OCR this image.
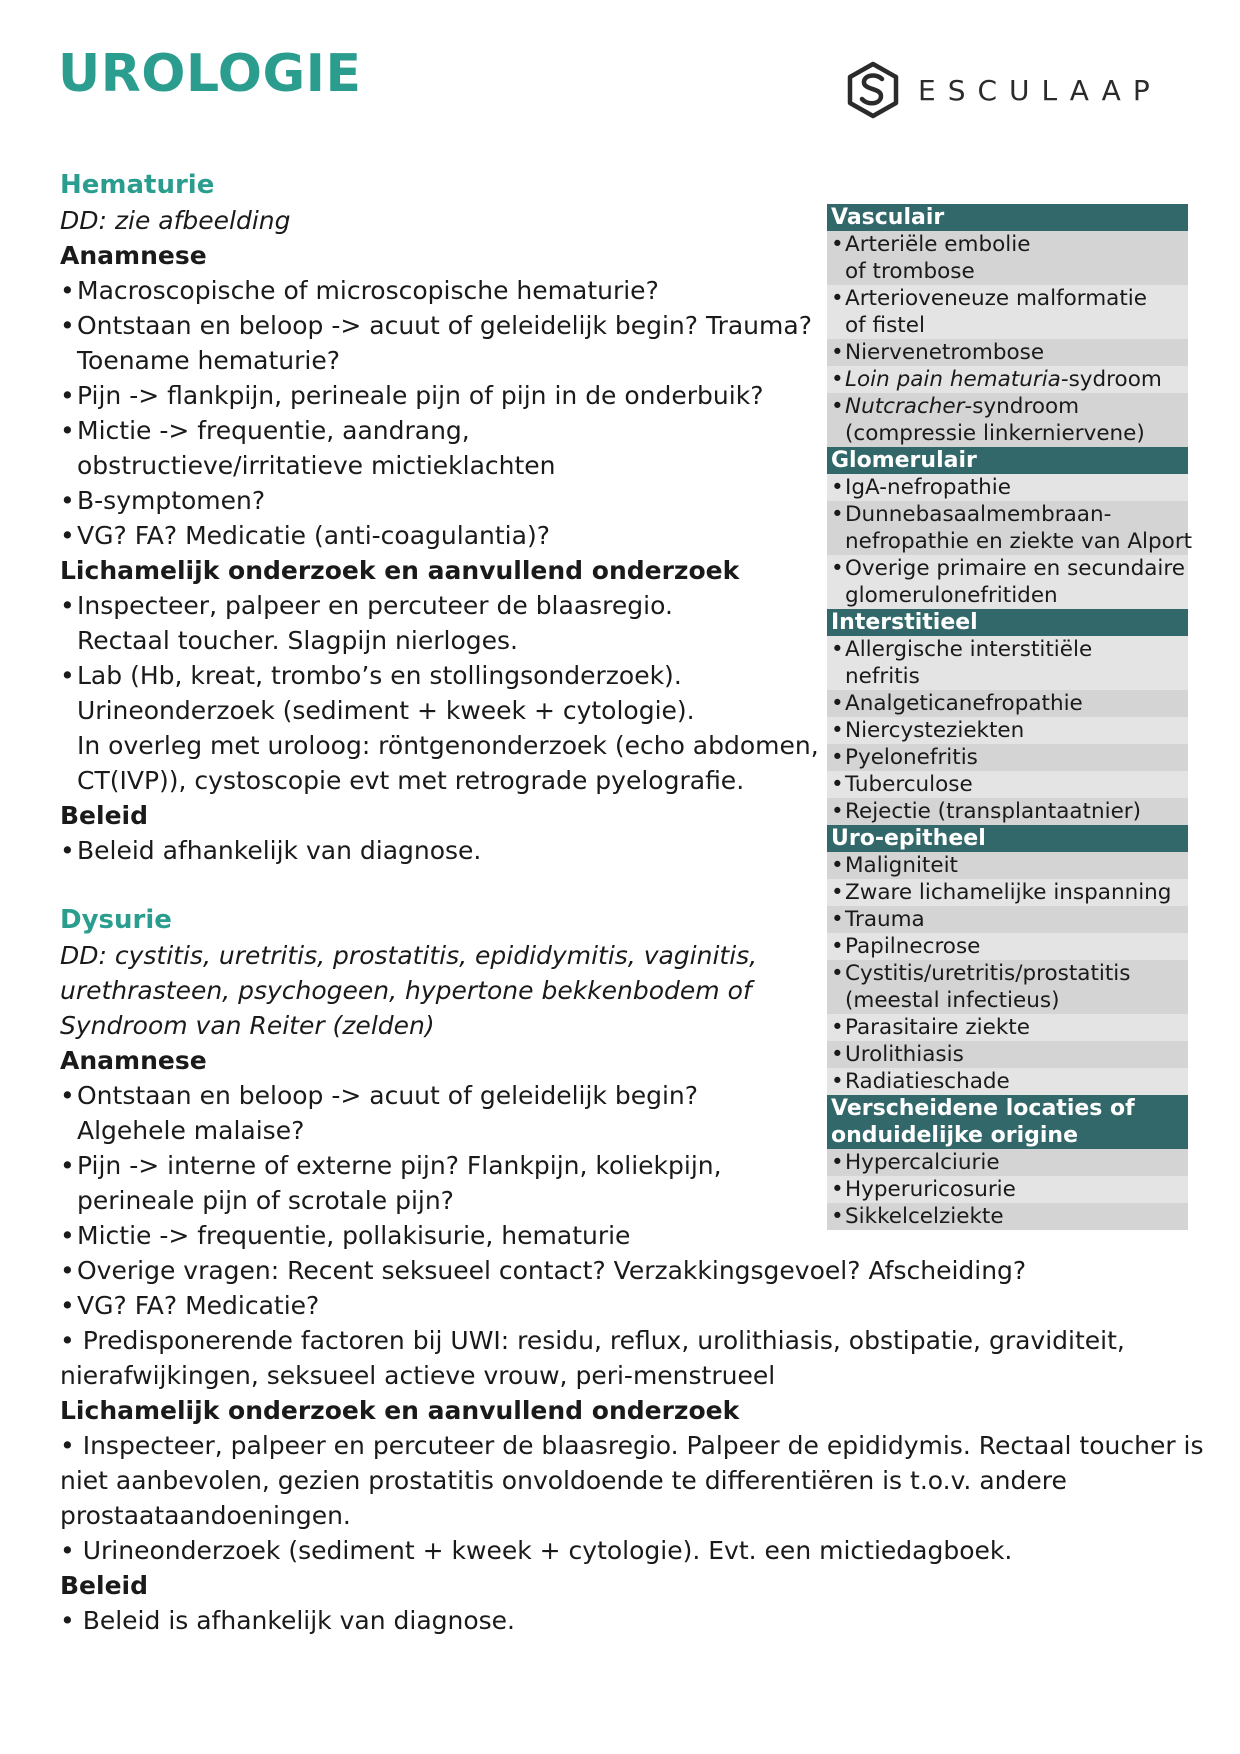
UROLOGIE	ESCULAAP
Hematurie
DD: zie afbeelding
Anamnese
• Macroscopische of microscopische hematurie?
• Ontstaan en beloop -> acuut of geleidelijk begin? Trauma?
Toename hematurie?
• Pijn -> flankpijn, perineale pijn of pijn in de onderbuik?
• Mictie -> frequentie, aandrang,
obstructieve/irritatieve mictieklachten
• B-symptomen?
• VG? FA? Medicatie (anti-coagulantia)?
Lichamelijk onderzoek en aanvullend onderzoek
• Inspecteer, palpeer en percuteer de blaasregio.
Rectaal toucher. Slagpijn nierloges.
• Lab (Hb, kreat, trombo’s en stollingsonderzoek).
Urineonderzoek (sediment + kweek + cytologie).
In overleg met uroloog: röntgenonderzoek (echo abdomen,
CT(IVP)), cystoscopie evt met retrograde pyelografie.
Beleid
• Beleid afhankelijk van diagnose.
Dysurie
DD: cystitis, uretritis, prostatitis, epididymitis, vaginitis,
urethrasteen, psychogeen, hypertone bekkenbodem of
Syndroom van Reiter (zelden)
Anamnese
• Ontstaan en beloop -> acuut of geleidelijk begin?
Algehele malaise?
• Pijn -> interne of externe pijn? Flankpijn, koliekpijn,
perineale pijn of scrotale pijn?
• Mictie -> frequentie, pollakisurie, hematurie
• Overige vragen: Recent seksueel contact? Verzakkingsgevoel? Afscheiding?
• VG? FA? Medicatie?
• Predisponerende factoren bij UWI: residu, reflux, urolithiasis, obstipatie, graviditeit,
nierafwijkingen, seksueel actieve vrouw, peri-menstrueel
Lichamelijk onderzoek en aanvullend onderzoek
• Inspecteer, palpeer en percuteer de blaasregio. Palpeer de epididymis. Rectaal toucher is
niet aanbevolen, gezien prostatitis onvoldoende te differentiëren is t.o.v. andere
prostaataandoeningen.
• Urineonderzoek (sediment + kweek + cytologie). Evt. een mictiedagboek.
Beleid
• Beleid is afhankelijk van diagnose.
Vasculair
• Arteriële embolie
of trombose
• Arterioveneuze malformatie
of fistel
• Niervenetrombose
• Loin pain hematuria-sydroom
• Nutcracher-syndroom
(compressie linkerniervene)
Glomerulair
• IgA-nefropathie
• Dunnebasaalmembraan-
nefropathie en ziekte van Alport
• Overige primaire en secundaire
glomerulonefritiden
Interstitieel
• Allergische interstitiële
nefritis
• Analgeticanefropathie
• Niercysteziekten
• Pyelonefritis
• Tuberculose
• Rejectie (transplantaatnier)
Uro-epitheel
• Maligniteit
• Zware lichamelijke inspanning
• Trauma
• Papilnecrose
• Cystitis/uretritis/prostatitis
(meestal infectieus)
• Parasitaire ziekte
• Urolithiasis
• Radiatieschade
Verscheidene locaties of
onduidelijke origine
• Hypercalciurie
• Hyperuricosurie
• Sikkelcelziekte
